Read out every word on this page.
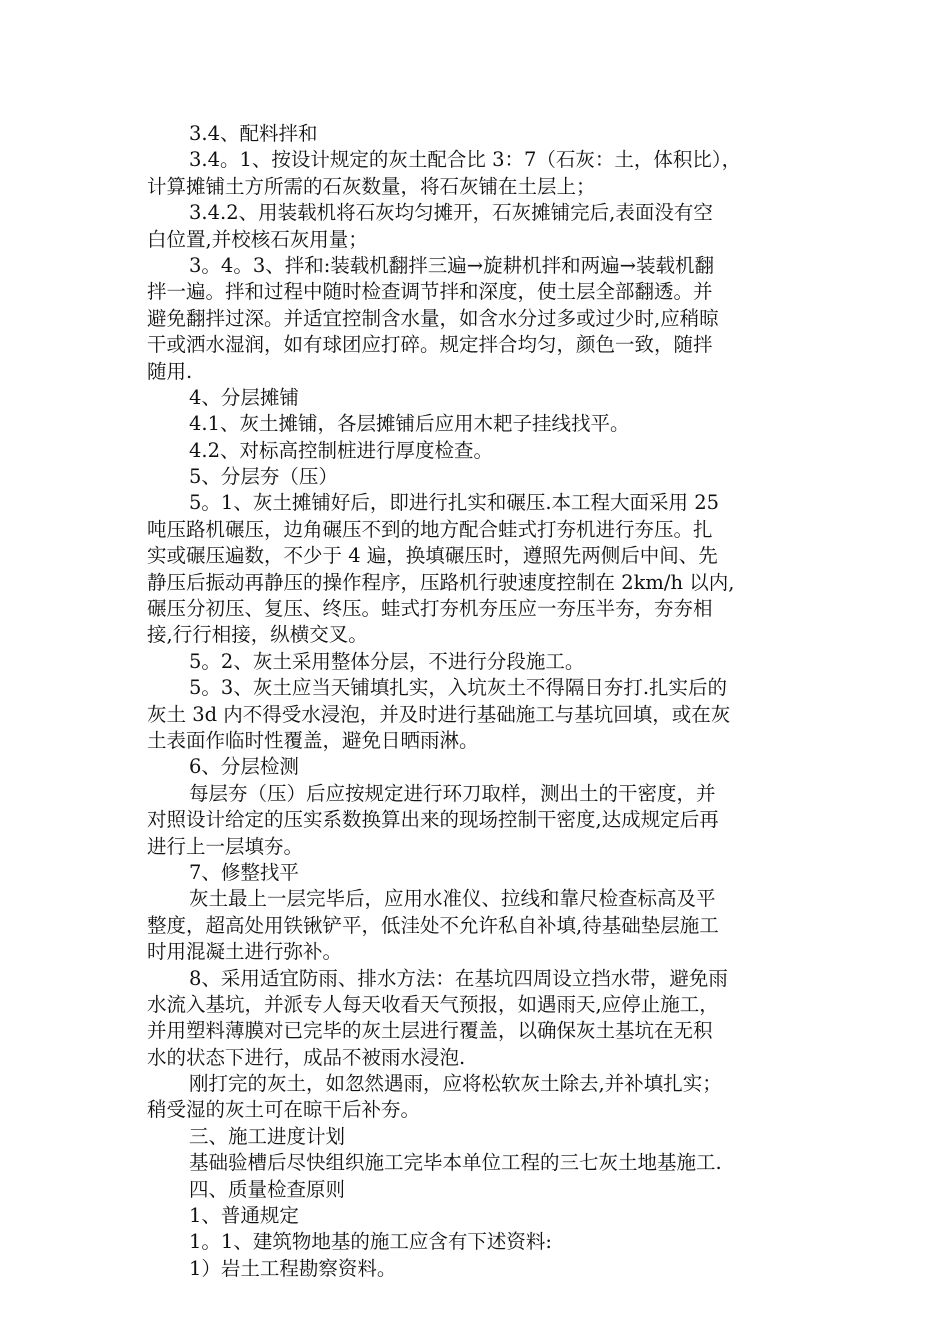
3.4、配料拌和
3.4。1、按设计规定的灰土配合比 3：7（石灰：土，体积比），
计算摊铺土方所需的石灰数量，将石灰铺在土层上；
3.4.2、用装载机将石灰均匀摊开，石灰摊铺完后,表面没有空
白位置,并校核石灰用量；
3。4。3、拌和:装载机翻拌三遍→旋耕机拌和两遍→装载机翻
拌一遍。拌和过程中随时检查调节拌和深度，使土层全部翻透。并
避免翻拌过深。并适宜控制含水量，如含水分过多或过少时,应稍晾
干或洒水湿润，如有球团应打碎。规定拌合均匀，颜色一致，随拌
随用.
4、分层摊铺
4.1、灰土摊铺，各层摊铺后应用木耙子挂线找平。
4.2、对标高控制桩进行厚度检查。
5、分层夯（压）
5。1、灰土摊铺好后，即进行扎实和碾压.本工程大面采用 25
吨压路机碾压，边角碾压不到的地方配合蛙式打夯机进行夯压。扎
实或碾压遍数，不少于 4 遍，换填碾压时，遵照先两侧后中间、先
静压后振动再静压的操作程序，压路机行驶速度控制在 2km/h 以内,
碾压分初压、复压、终压。蛙式打夯机夯压应一夯压半夯，夯夯相
接,行行相接，纵横交叉。
5。2、灰土采用整体分层，不进行分段施工。
5。3、灰土应当天铺填扎实，入坑灰土不得隔日夯打.扎实后的
灰土 3d 内不得受水浸泡，并及时进行基础施工与基坑回填，或在灰
土表面作临时性覆盖，避免日晒雨淋。
6、分层检测
每层夯（压）后应按规定进行环刀取样，测出土的干密度，并
对照设计给定的压实系数换算出来的现场控制干密度,达成规定后再
进行上一层填夯。
7、修整找平
灰土最上一层完毕后，应用水准仪、拉线和靠尺检查标高及平
整度，超高处用铁锹铲平，低洼处不允许私自补填,待基础垫层施工
时用混凝土进行弥补。
8、采用适宜防雨、排水方法：在基坑四周设立挡水带，避免雨
水流入基坑，并派专人每天收看天气预报，如遇雨天,应停止施工，
并用塑料薄膜对已完毕的灰土层进行覆盖，以确保灰土基坑在无积
水的状态下进行，成品不被雨水浸泡.
刚打完的灰土，如忽然遇雨，应将松软灰土除去,并补填扎实；
稍受湿的灰土可在晾干后补夯。
三、施工进度计划
基础验槽后尽快组织施工完毕本单位工程的三七灰土地基施工.
四、质量检查原则
1、普通规定
1。1、建筑物地基的施工应含有下述资料:
1）岩土工程勘察资料。
